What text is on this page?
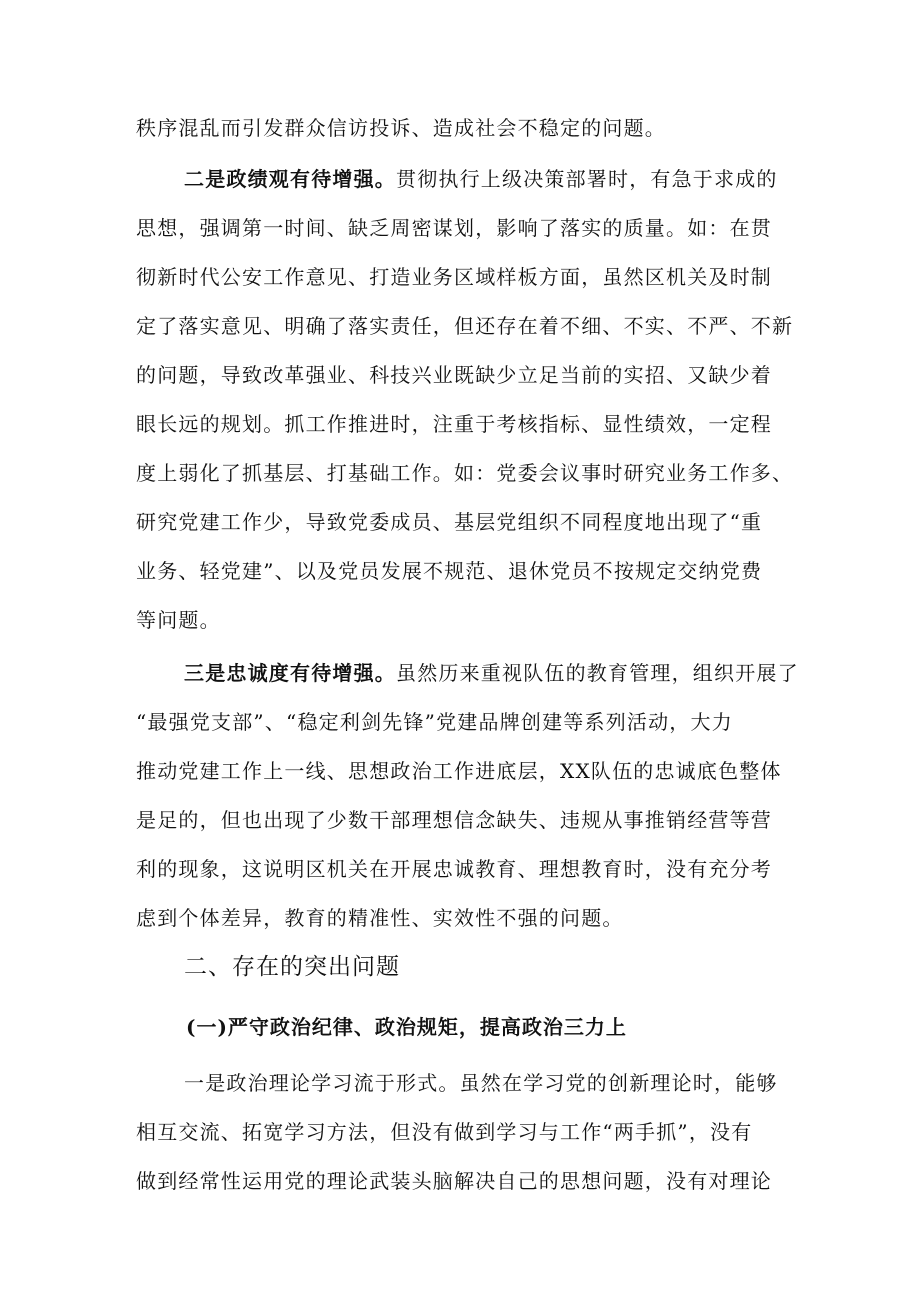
秩序混乱而引发群众信访投诉、造成社会不稳定的问题。
二是政绩观有待增强。贯彻执行上级决策部署时，有急于求成的
思想，强调第一时间、缺乏周密谋划，影响了落实的质量。如：在贯
彻新时代公安工作意见、打造业务区域样板方面，虽然区机关及时制
定了落实意见、明确了落实责任，但还存在着不细、不实、不严、不新
的问题，导致改革强业、科技兴业既缺少立足当前的实招、又缺少着
眼长远的规划。抓工作推进时，注重于考核指标、显性绩效，一定程
度上弱化了抓基层、打基础工作。如：党委会议事时研究业务工作多、
研究党建工作少，导致党委成员、基层党组织不同程度地出现了“重
业务、轻党建”、以及党员发展不规范、退休党员不按规定交纳党费
等问题。
三是忠诚度有待增强。虽然历来重视队伍的教育管理，组织开展了
“最强党支部”、“稳定利剑先锋”党建品牌创建等系列活动，大力
推动党建工作上一线、思想政治工作进底层，XX队伍的忠诚底色整体
是足的，但也出现了少数干部理想信念缺失、违规从事推销经营等营
利的现象，这说明区机关在开展忠诚教育、理想教育时，没有充分考
虑到个体差异，教育的精准性、实效性不强的问题。
二、存在的突出问题
(一)严守政治纪律、政治规矩，提高政治三力上
一是政治理论学习流于形式。虽然在学习党的创新理论时，能够
相互交流、拓宽学习方法，但没有做到学习与工作“两手抓”，没有
做到经常性运用党的理论武装头脑解决自己的思想问题，没有对理论
